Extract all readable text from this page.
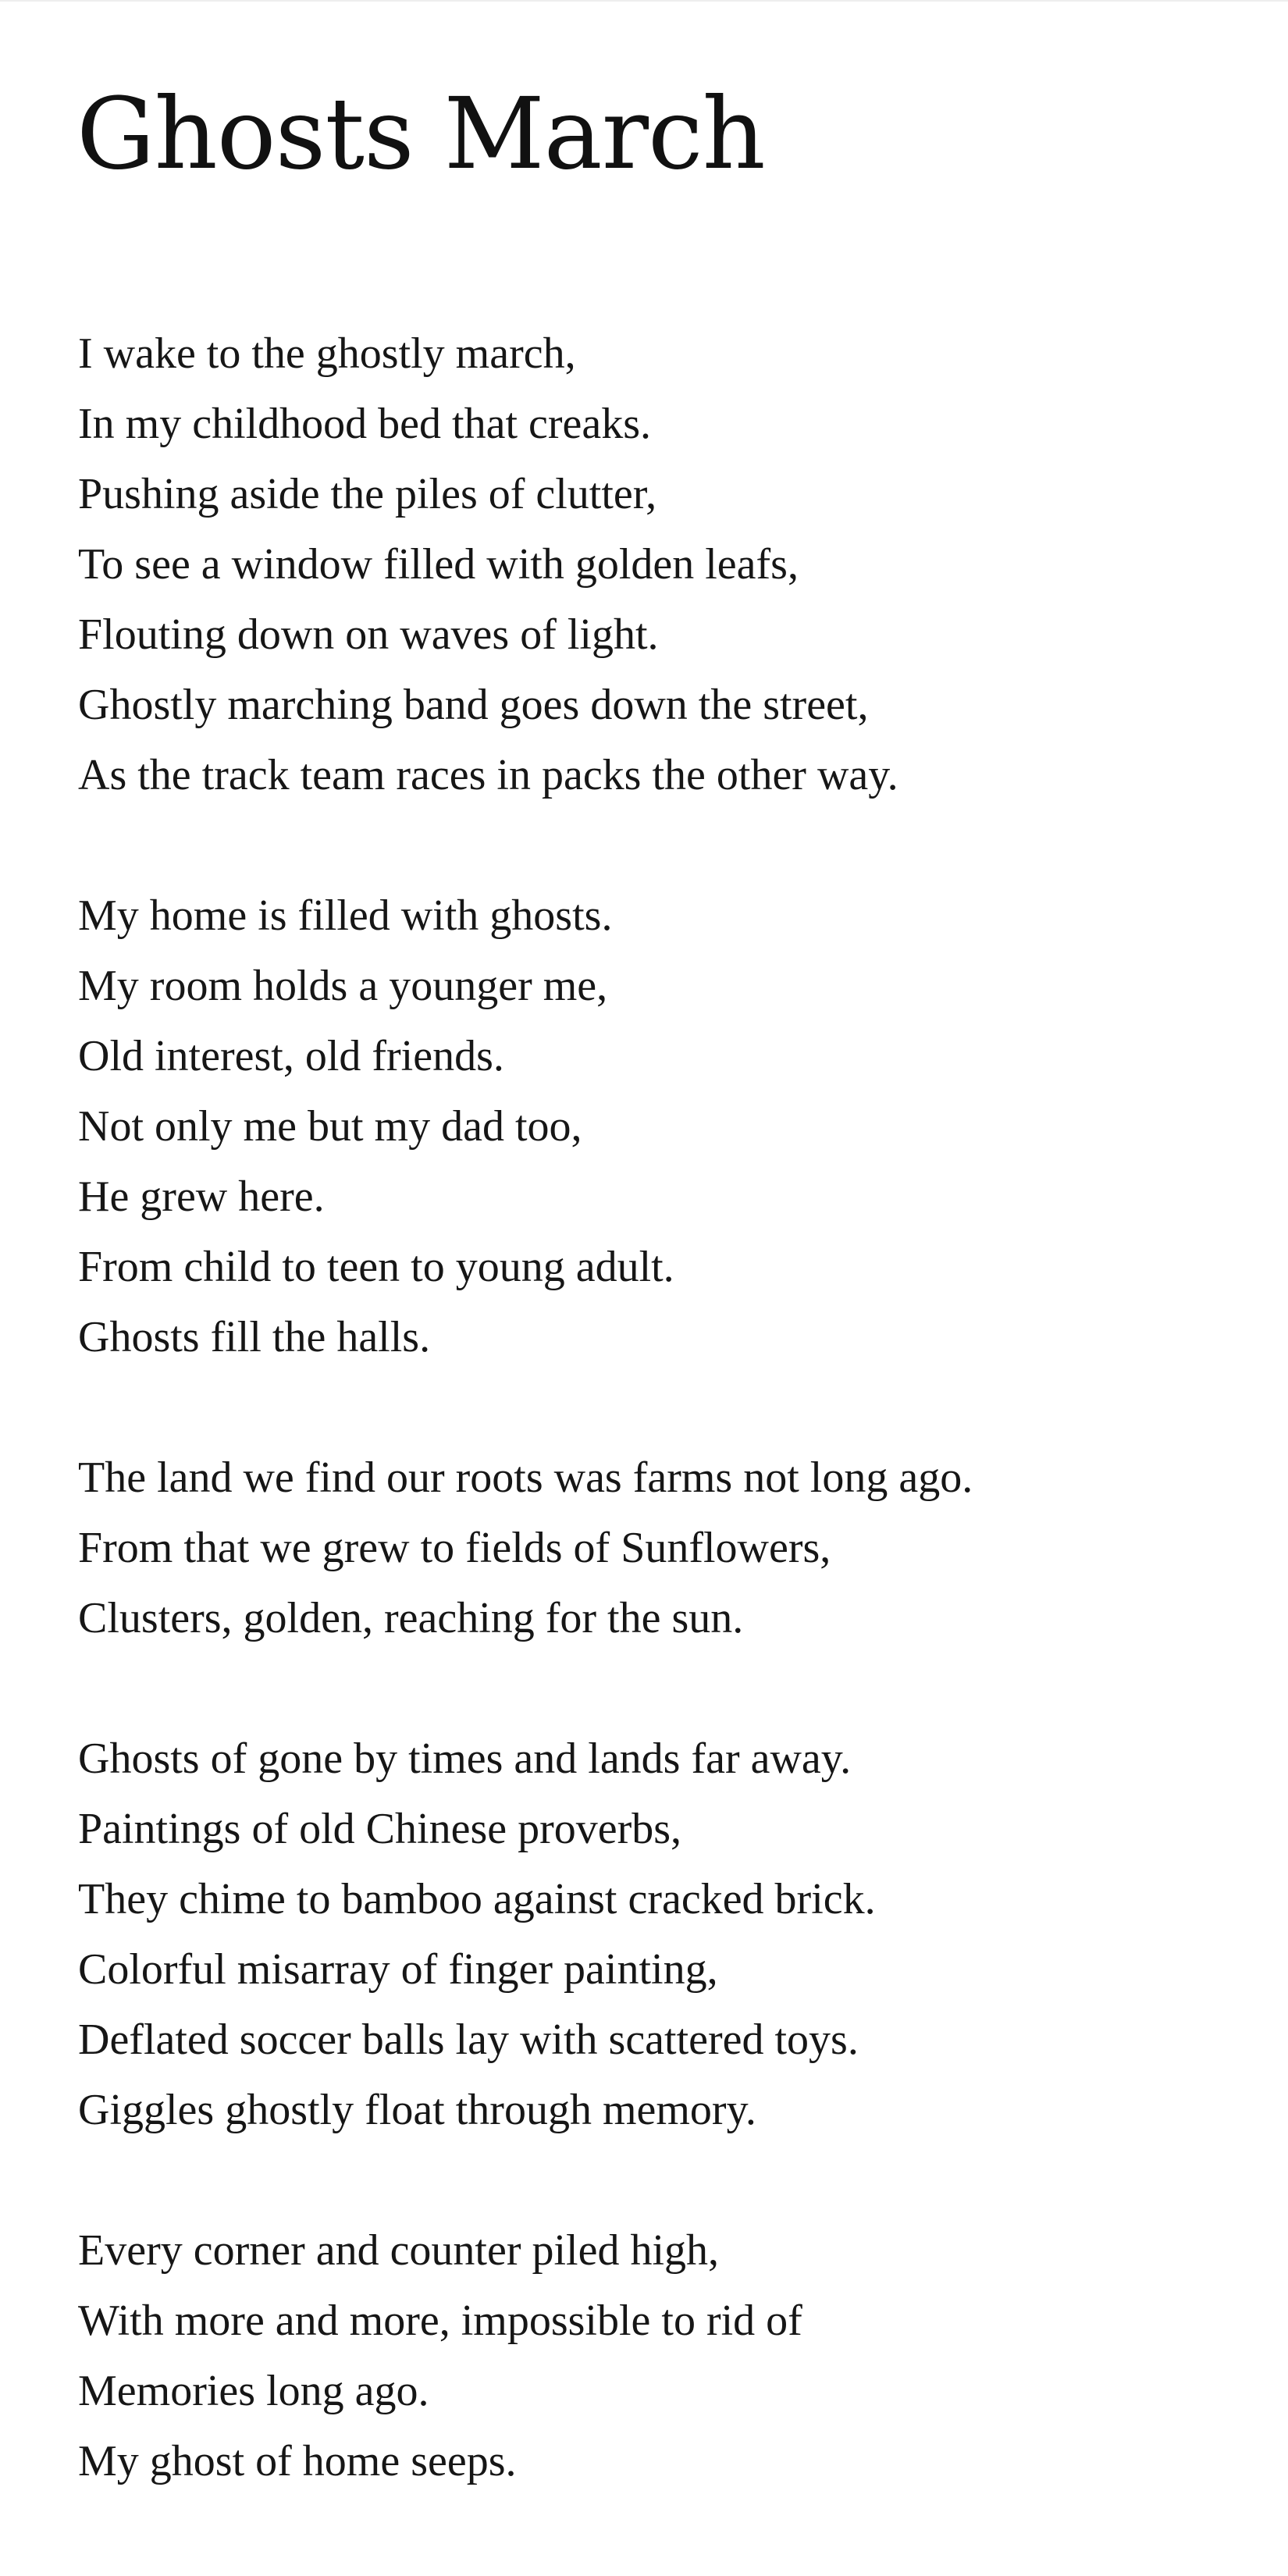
Ghosts March
I wake to the ghostly march,
In my childhood bed that creaks.
Pushing aside the piles of clutter,
To see a window filled with golden leafs,
Flouting down on waves of light.
Ghostly marching band goes down the street,
As the track team races in packs the other way.
My home is filled with ghosts.
My room holds a younger me,
Old interest, old friends.
Not only me but my dad too,
He grew here.
From child to teen to young adult.
Ghosts fill the halls.
The land we find our roots was farms not long ago.
From that we grew to fields of Sunflowers,
Clusters, golden, reaching for the sun.
Ghosts of gone by times and lands far away.
Paintings of old Chinese proverbs,
They chime to bamboo against cracked brick.
Colorful misarray of finger painting,
Deflated soccer balls lay with scattered toys.
Giggles ghostly float through memory.
Every corner and counter piled high,
With more and more, impossible to rid of
Memories long ago.
My ghost of home seeps.
